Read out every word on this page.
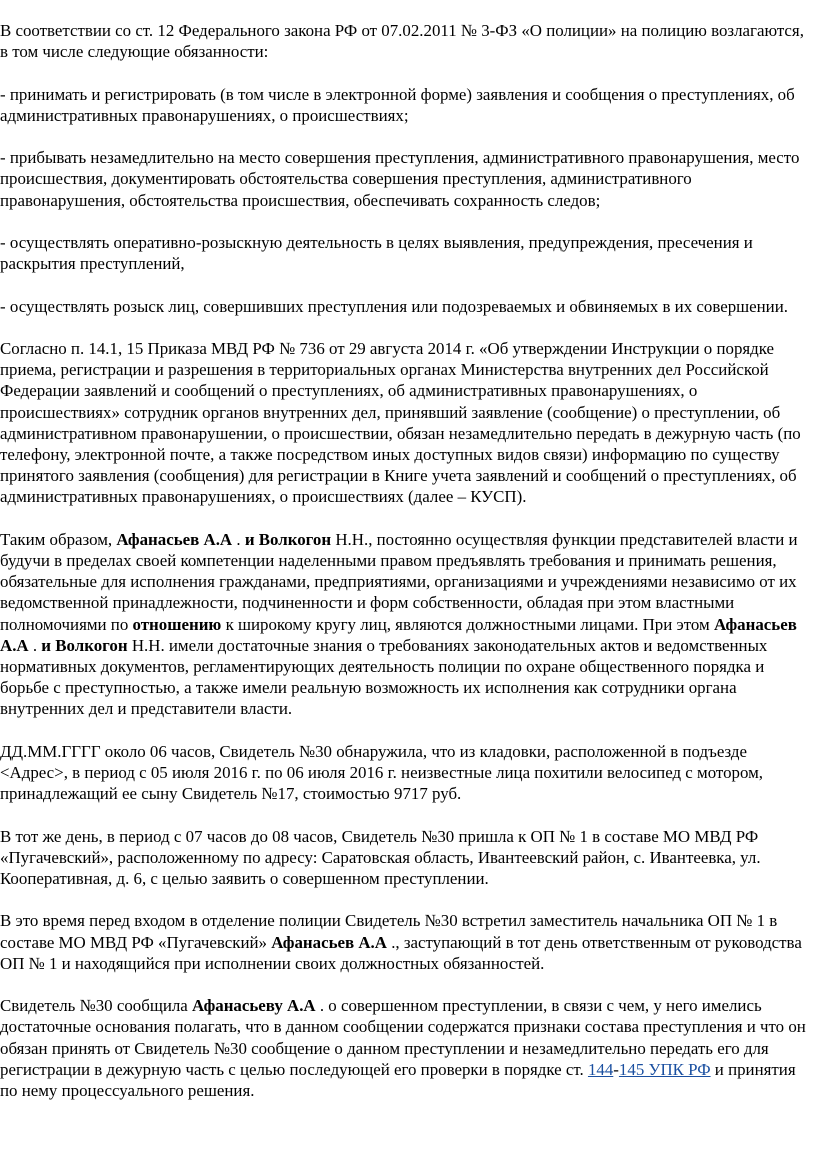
В соответствии со ст. 12 Федерального закона РФ от 07.02.2011 № 3-ФЗ «О полиции» на полицию возлагаются, в том числе следующие обязанности:

- принимать и регистрировать (в том числе в электронной форме) заявления и сообщения о преступлениях, об административных правонарушениях, о происшествиях;

- прибывать незамедлительно на место совершения преступления, административного правонарушения, место происшествия, документировать обстоятельства совершения преступления, административного правонарушения, обстоятельства происшествия, обеспечивать сохранность следов;

- осуществлять оперативно-розыскную деятельность в целях выявления, предупреждения, пресечения и раскрытия преступлений,

- осуществлять розыск лиц, совершивших преступления или подозреваемых и обвиняемых в их совершении.

Согласно п. 14.1, 15 Приказа МВД РФ № 736 от 29 августа 2014 г. «Об утверждении Инструкции о порядке приема, регистрации и разрешения в территориальных органах Министерства внутренних дел Российской Федерации заявлений и сообщений о преступлениях, об административных правонарушениях, о происшествиях» сотрудник органов внутренних дел, принявший заявление (сообщение) о преступлении, об административном правонарушении, о происшествии, обязан незамедлительно передать в дежурную часть (по телефону, электронной почте, а также посредством иных доступных видов связи) информацию по существу принятого заявления (сообщения) для регистрации в Книге учета заявлений и сообщений о преступлениях, об административных правонарушениях, о происшествиях (далее – КУСП).

Таким образом, Афанасьев А.А . и Волкогон Н.Н., постоянно осуществляя функции представителей власти и будучи в пределах своей компетенции наделенными правом предъявлять требования и принимать решения, обязательные для исполнения гражданами, предприятиями, организациями и учреждениями независимо от их ведомственной принадлежности, подчиненности и форм собственности, обладая при этом властными полномочиями по отношению к широкому кругу лиц, являются должностными лицами. При этом Афанасьев А.А . и Волкогон Н.Н. имели достаточные знания о требованиях законодательных актов и ведомственных нормативных документов, регламентирующих деятельность полиции по охране общественного порядка и борьбе с преступностью, а также имели реальную возможность их исполнения как сотрудники органа внутренних дел и представители власти.

ДД.ММ.ГГГГ около 06 часов, Свидетель №30 обнаружила, что из кладовки, расположенной в подъезде <Адрес>, в период с 05 июля 2016 г. по 06 июля 2016 г. неизвестные лица похитили велосипед с мотором, принадлежащий ее сыну Свидетель №17, стоимостью 9717 руб.

В тот же день, в период с 07 часов до 08 часов, Свидетель №30 пришла к ОП № 1 в составе МО МВД РФ «Пугачевский», расположенному по адресу: Саратовская область, Ивантеевский район, с. Ивантеевка, ул. Кооперативная, д. 6, с целью заявить о совершенном преступлении.

В это время перед входом в отделение полиции Свидетель №30 встретил заместитель начальника ОП № 1 в составе МО МВД РФ «Пугачевский» Афанасьев А.А ., заступающий в тот день ответственным от руководства ОП № 1 и находящийся при исполнении своих должностных обязанностей.

Свидетель №30 сообщила Афанасьеву А.А . о совершенном преступлении, в связи с чем, у него имелись достаточные основания полагать, что в данном сообщении содержатся признаки состава преступления и что он обязан принять от Свидетель №30 сообщение о данном преступлении и незамедлительно передать его для регистрации в дежурную часть с целью последующей его проверки в порядке ст. 144-145 УПК РФ и принятия по нему процессуального решения.
